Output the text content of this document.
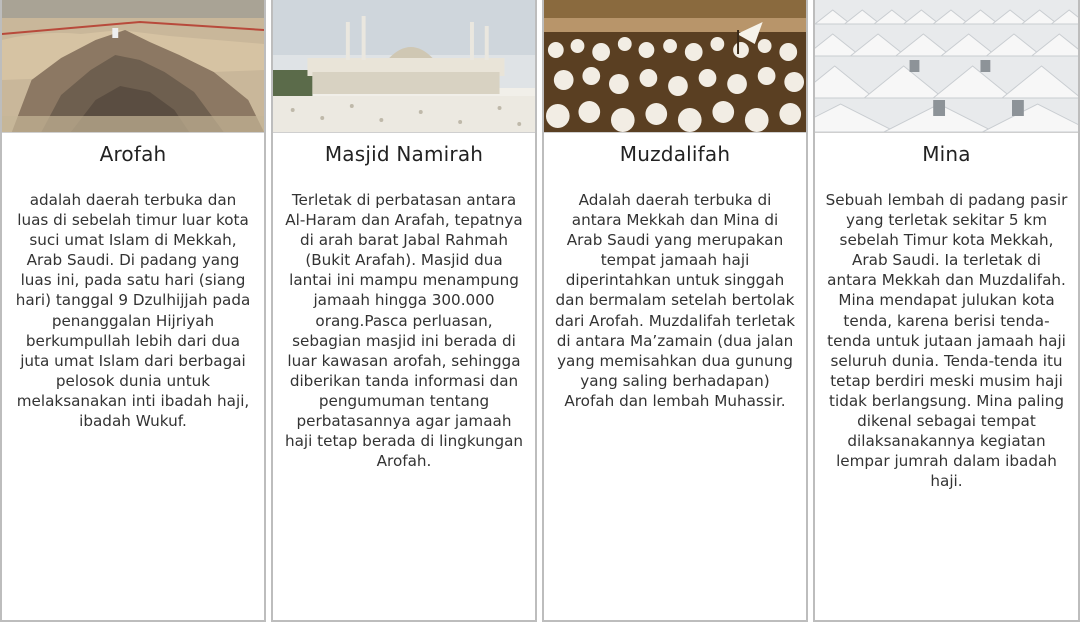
Arofah

adalah daerah terbuka dan luas di sebelah timur luar kota suci umat Islam di Mekkah, Arab Saudi. Di padang yang luas ini, pada satu hari (siang hari) tanggal 9 Dzulhijjah pada penanggalan Hijriyah berkumpullah lebih dari dua juta umat Islam dari berbagai pelosok dunia untuk melaksanakan inti ibadah haji, ibadah Wukuf.

Masjid Namirah

Terletak di perbatasan antara Al-Haram dan Arafah, tepatnya di arah barat Jabal Rahmah (Bukit Arafah). Masjid dua lantai ini mampu menampung jamaah hingga 300.000 orang.Pasca perluasan, sebagian masjid ini berada di luar kawasan arofah, sehingga diberikan tanda informasi dan pengumuman tentang perbatasannya agar jamaah haji tetap berada di lingkungan Arofah.

Muzdalifah

Adalah daerah terbuka di antara Mekkah dan Mina di Arab Saudi yang merupakan tempat jamaah haji diperintahkan untuk singgah dan bermalam setelah bertolak dari Arofah. Muzdalifah terletak di antara Ma’zamain (dua jalan yang memisahkan dua gunung yang saling berhadapan) Arofah dan lembah Muhassir.

Mina

Sebuah lembah di padang pasir yang terletak sekitar 5 km sebelah Timur kota Mekkah, Arab Saudi. Ia terletak di antara Mekkah dan Muzdalifah. Mina mendapat julukan kota tenda, karena berisi tenda-tenda untuk jutaan jamaah haji seluruh dunia. Tenda-tenda itu tetap berdiri meski musim haji tidak berlangsung. Mina paling dikenal sebagai tempat dilaksanakannya kegiatan lempar jumrah dalam ibadah haji.
